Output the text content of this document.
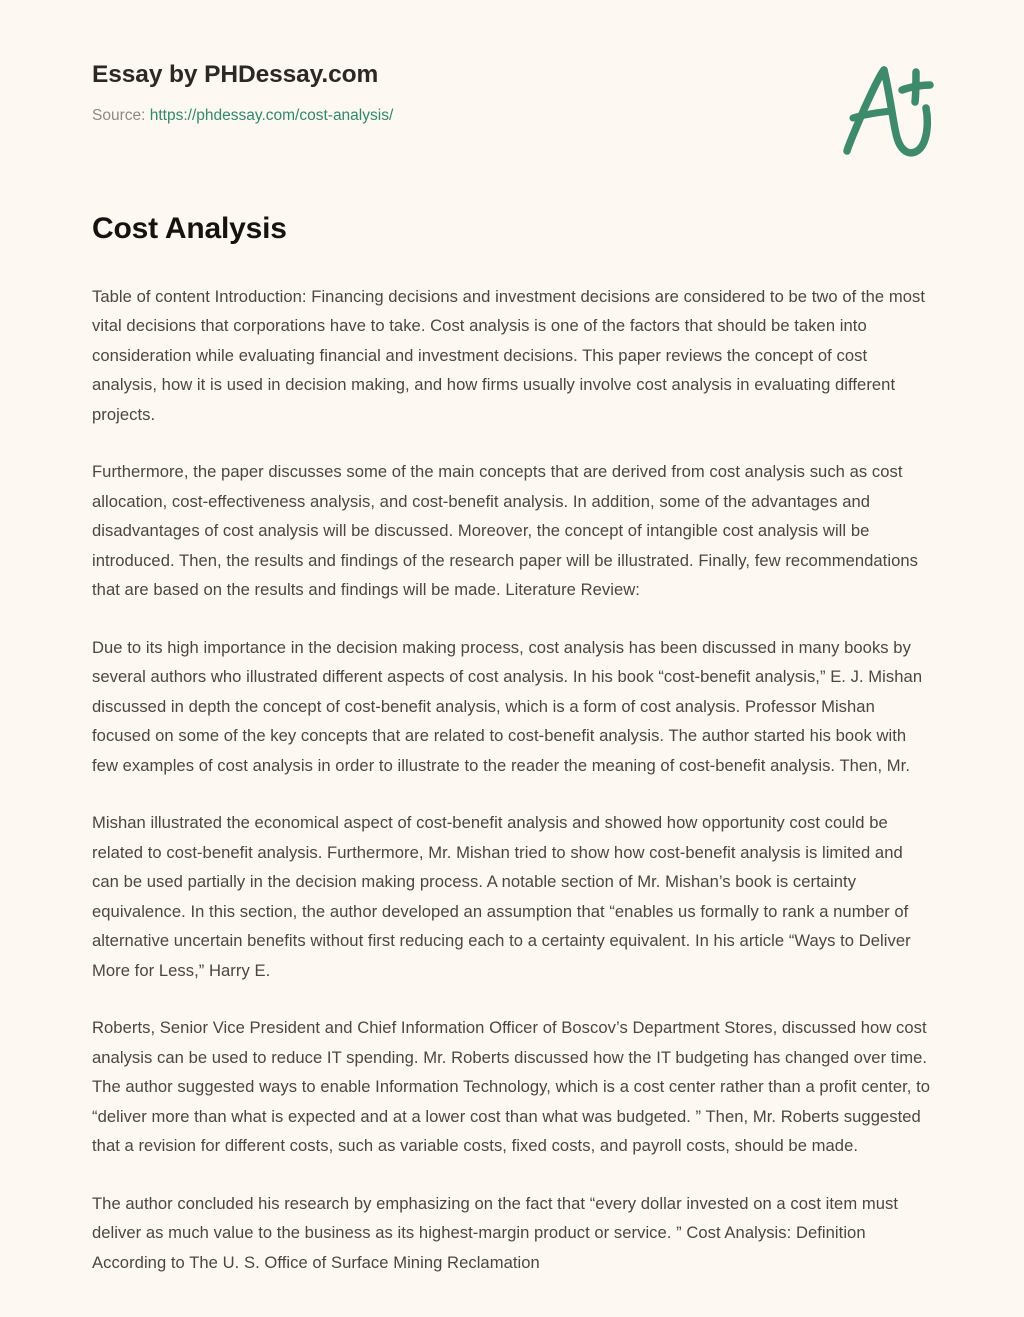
Essay by PHDessay.com
Source: https://phdessay.com/cost-analysis/
Cost Analysis

Table of content Introduction: Financing decisions and investment decisions are considered to be two of the most vital decisions that corporations have to take. Cost analysis is one of the factors that should be taken into consideration while evaluating financial and investment decisions. This paper reviews the concept of cost analysis, how it is used in decision making, and how firms usually involve cost analysis in evaluating different projects.

Furthermore, the paper discusses some of the main concepts that are derived from cost analysis such as cost allocation, cost-effectiveness analysis, and cost-benefit analysis. In addition, some of the advantages and disadvantages of cost analysis will be discussed. Moreover, the concept of intangible cost analysis will be introduced. Then, the results and findings of the research paper will be illustrated. Finally, few recommendations that are based on the results and findings will be made. Literature Review:

Due to its high importance in the decision making process, cost analysis has been discussed in many books by several authors who illustrated different aspects of cost analysis. In his book “cost-benefit analysis,” E. J. Mishan discussed in depth the concept of cost-benefit analysis, which is a form of cost analysis. Professor Mishan focused on some of the key concepts that are related to cost-benefit analysis. The author started his book with few examples of cost analysis in order to illustrate to the reader the meaning of cost-benefit analysis. Then, Mr.

Mishan illustrated the economical aspect of cost-benefit analysis and showed how opportunity cost could be related to cost-benefit analysis. Furthermore, Mr. Mishan tried to show how cost-benefit analysis is limited and can be used partially in the decision making process. A notable section of Mr. Mishan’s book is certainty equivalence. In this section, the author developed an assumption that “enables us formally to rank a number of alternative uncertain benefits without first reducing each to a certainty equivalent. In his article “Ways to Deliver More for Less,” Harry E.

Roberts, Senior Vice President and Chief Information Officer of Boscov’s Department Stores, discussed how cost analysis can be used to reduce IT spending. Mr. Roberts discussed how the IT budgeting has changed over time. The author suggested ways to enable Information Technology, which is a cost center rather than a profit center, to “deliver more than what is expected and at a lower cost than what was budgeted. ” Then, Mr. Roberts suggested that a revision for different costs, such as variable costs, fixed costs, and payroll costs, should be made.

The author concluded his research by emphasizing on the fact that “every dollar invested on a cost item must deliver as much value to the business as its highest-margin product or service. ” Cost Analysis: Definition According to The U. S. Office of Surface Mining Reclamation
